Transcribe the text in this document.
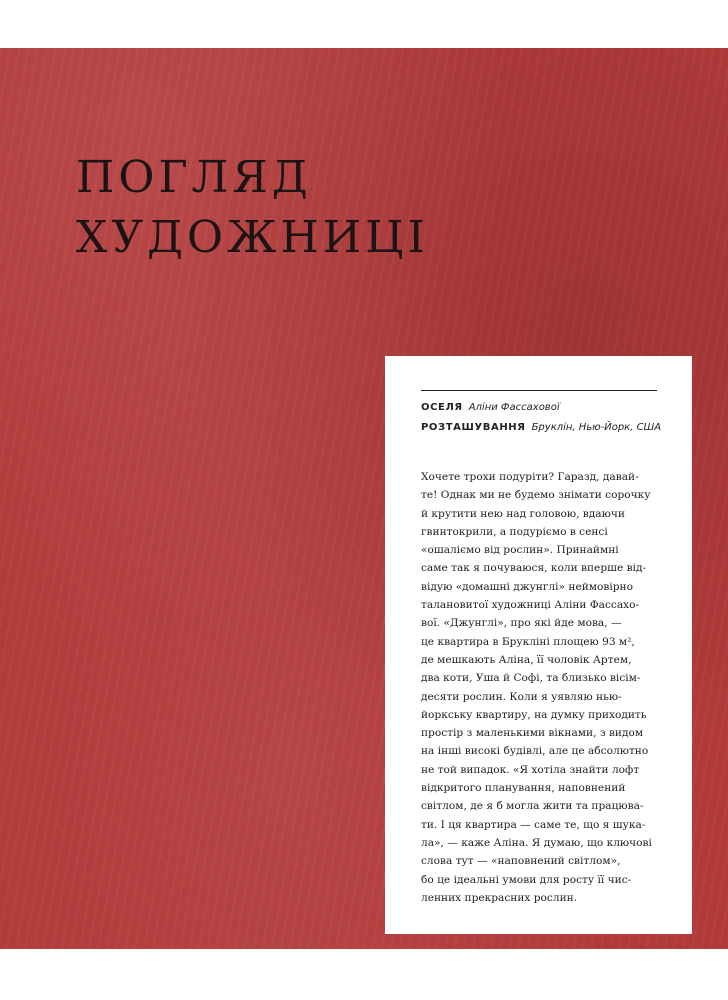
ПОГЛЯД
ХУДОЖНИЦІ
ОСЕЛЯ Аліни Фассахової
РОЗТАШУВАННЯ Бруклін, Нью-Йорк, США
Хочете трохи подуріти? Гаразд, давай-
те! Однак ми не будемо знімати сорочку
й крутити нею над головою, вдаючи
гвинтокрили, а подуріємо в сенсі
«ошаліємо від рослин». Принаймні
саме так я почуваюся, коли вперше від-
відую «домашні джунглі» неймовірно
талановитої художниці Аліни Фассахо-
вої. «Джунглі», про які йде мова, —
це квартира в Брукліні площею 93 м²,
де мешкають Аліна, її чоловік Артем,
два коти, Уша й Софі, та близько вісім-
десяти рослин. Коли я уявляю нью-
йоркську квартиру, на думку приходить
простір з маленькими вікнами, з видом
на інші високі будівлі, але це абсолютно
не той випадок. «Я хотіла знайти лофт
відкритого планування, наповнений
світлом, де я б могла жити та працюва-
ти. І ця квартира — саме те, що я шука-
ла», — каже Аліна. Я думаю, що ключові
слова тут — «наповнений світлом»,
бо це ідеальні умови для росту її чис-
ленних прекрасних рослин.
